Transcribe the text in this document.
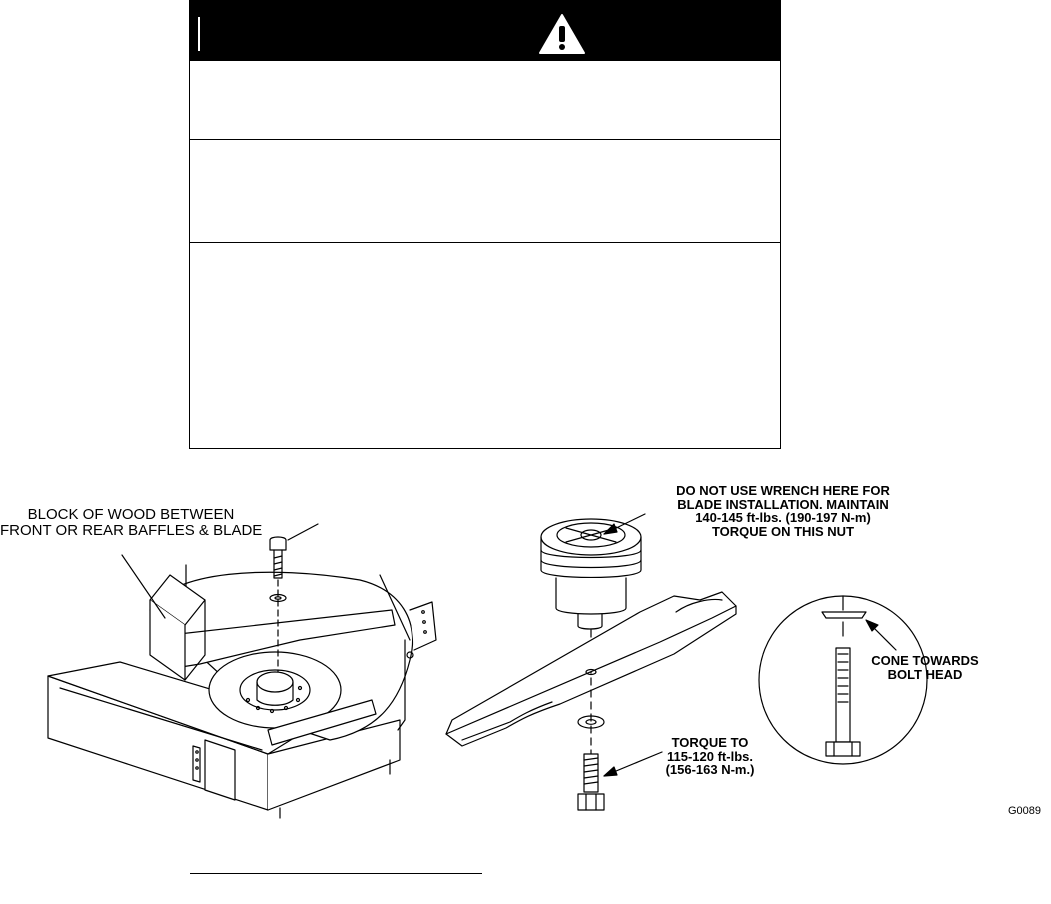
BLOCK OF WOOD BETWEEN
FRONT OR REAR BAFFLES & BLADE
DO NOT USE WRENCH HERE FOR
BLADE INSTALLATION. MAINTAIN
140-145 ft-lbs. (190-197 N-m)
TORQUE ON THIS NUT
CONE TOWARDS
BOLT HEAD
TORQUE TO
115-120 ft-lbs.
(156-163 N-m.)
G0089
